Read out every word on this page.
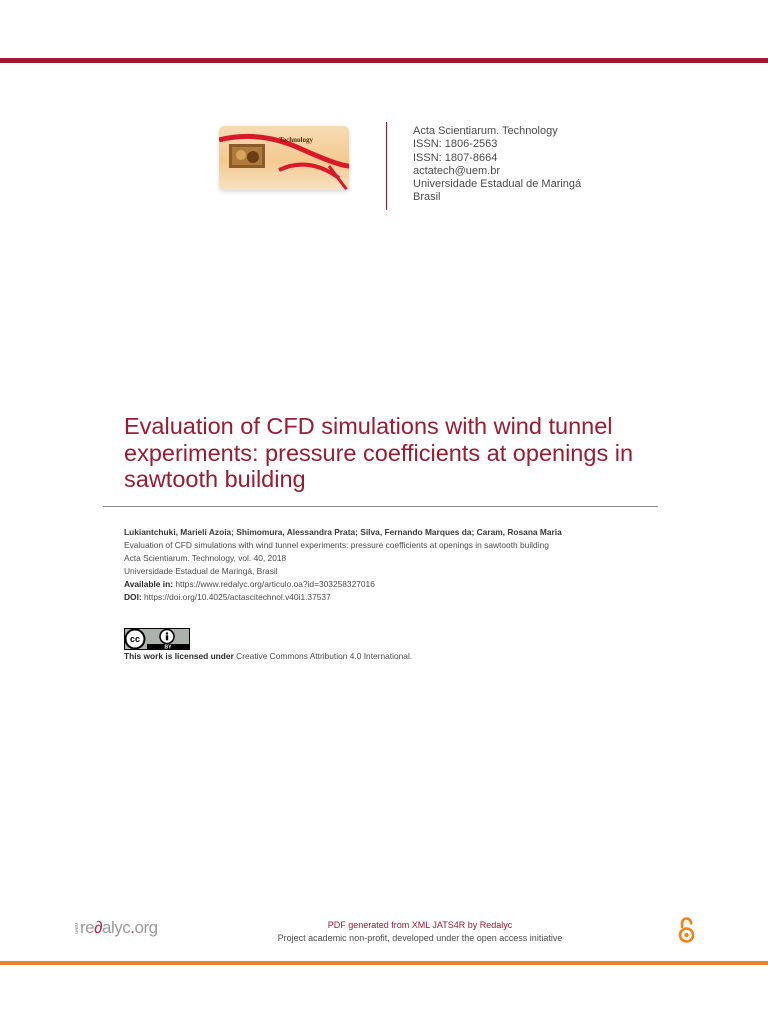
Technology
Acta Scientiarum. Technology
ISSN: 1806-2563
ISSN: 1807-8664
actatech@uem.br
Universidade Estadual de Maringá
Brasil
Evaluation of CFD simulations with wind tunnel experiments: pressure coefficients at openings in sawtooth building
Lukiantchuki, Marieli Azoia; Shimomura, Alessandra Prata; Silva, Fernando Marques da; Caram, Rosana Maria
Evaluation of CFD simulations with wind tunnel experiments: pressure coefficients at openings in sawtooth building
Acta Scientiarum. Technology, vol. 40, 2018
Universidade Estadual de Maringá, Brasil
Available in: https://www.redalyc.org/articulo.oa?id=303258327016
DOI: https://doi.org/10.4025/actascitechnol.v40i1.37537
cc
BY
This work is licensed under Creative Commons Attribution 4.0 International.
UAEMre∂alyc.org	PDF generated from XML JATS4R by Redalyc
Project academic non-profit, developed under the open access initiative
